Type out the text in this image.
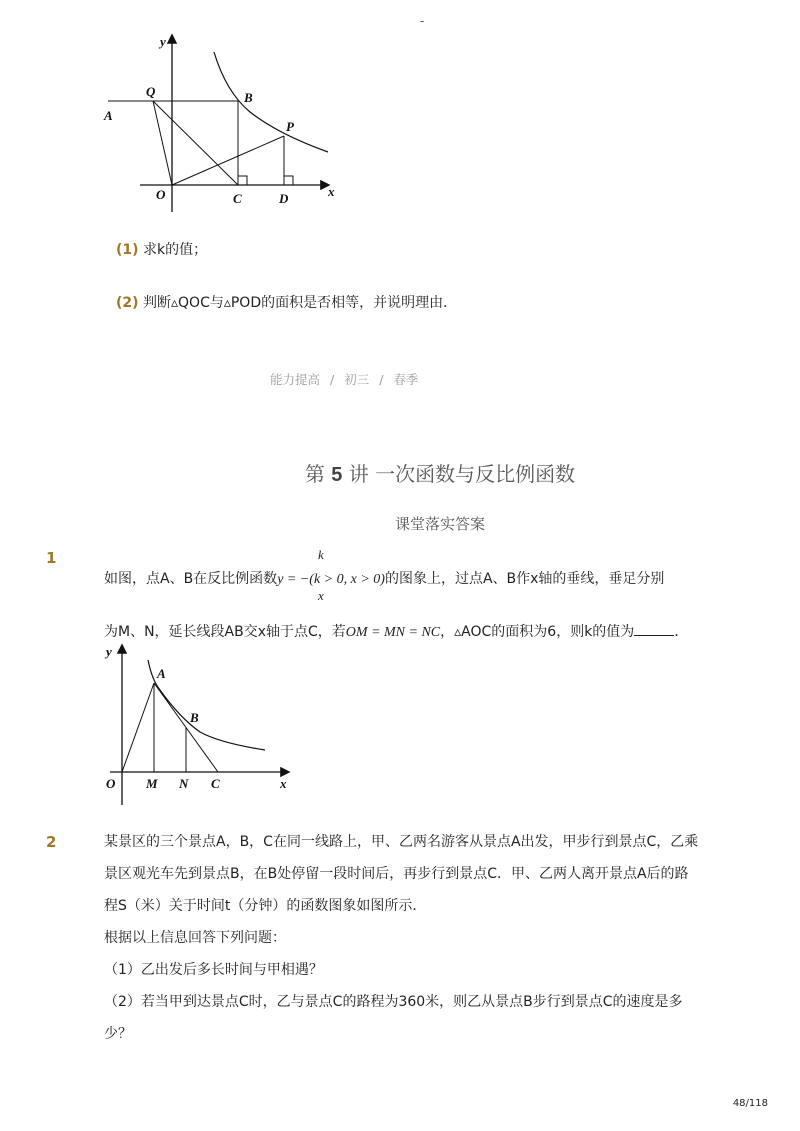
-
y
x
Q	B
A
P
O	C	D
(1) 求k的值；
(2) 判断▵QOC与▵POD的面积是否相等，并说明理由．
能力提高 / 初三 / 春季
第 5 讲 一次函数与反比例函数
课堂落实答案
1	k
x
如图，点A、B在反比例函数y = −(k > 0, x > 0)的图象上，过点A、B作x轴的垂线，垂足分别
为M、N，延长线段AB交x轴于点C，若OM = MN = NC，▵AOC的面积为6，则k的值为	．
y
x
A
B
O M N C
2	某景区的三个景点A，B，C在同一线路上，甲、乙两名游客从景点A出发，甲步行到景点C，乙乘
景区观光车先到景点B，在B处停留一段时间后，再步行到景点C．甲、乙两人离开景点A后的路
程S（米）关于时间t（分钟）的函数图象如图所示．
根据以上信息回答下列问题：
（1）乙出发后多长时间与甲相遇？
（2）若当甲到达景点C时，乙与景点C的路程为360米，则乙从景点B步行到景点C的速度是多
少？
48/118
